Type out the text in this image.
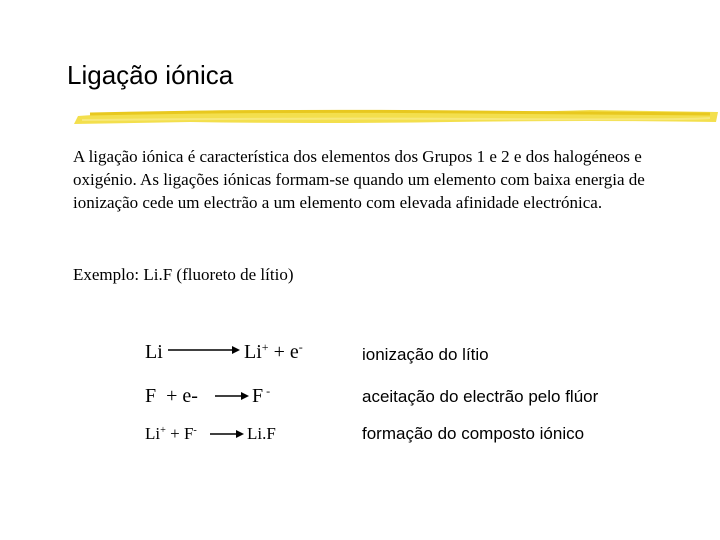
Ligação iónica
A ligação iónica é característica dos elementos dos Grupos 1 e 2 e dos halogéneos e oxigénio. As ligações iónicas formam-se quando um elemento com baixa energia de ionização cede um electrão a um elemento com elevada afinidade electrónica.
Exemplo: Li.F (fluoreto de lítio)
Li	Li+ + e-	ionização do lítio
F  + e- → F -	aceitação do electrão pelo flúor
Li+ + F- → Li.F	formação do composto iónico
